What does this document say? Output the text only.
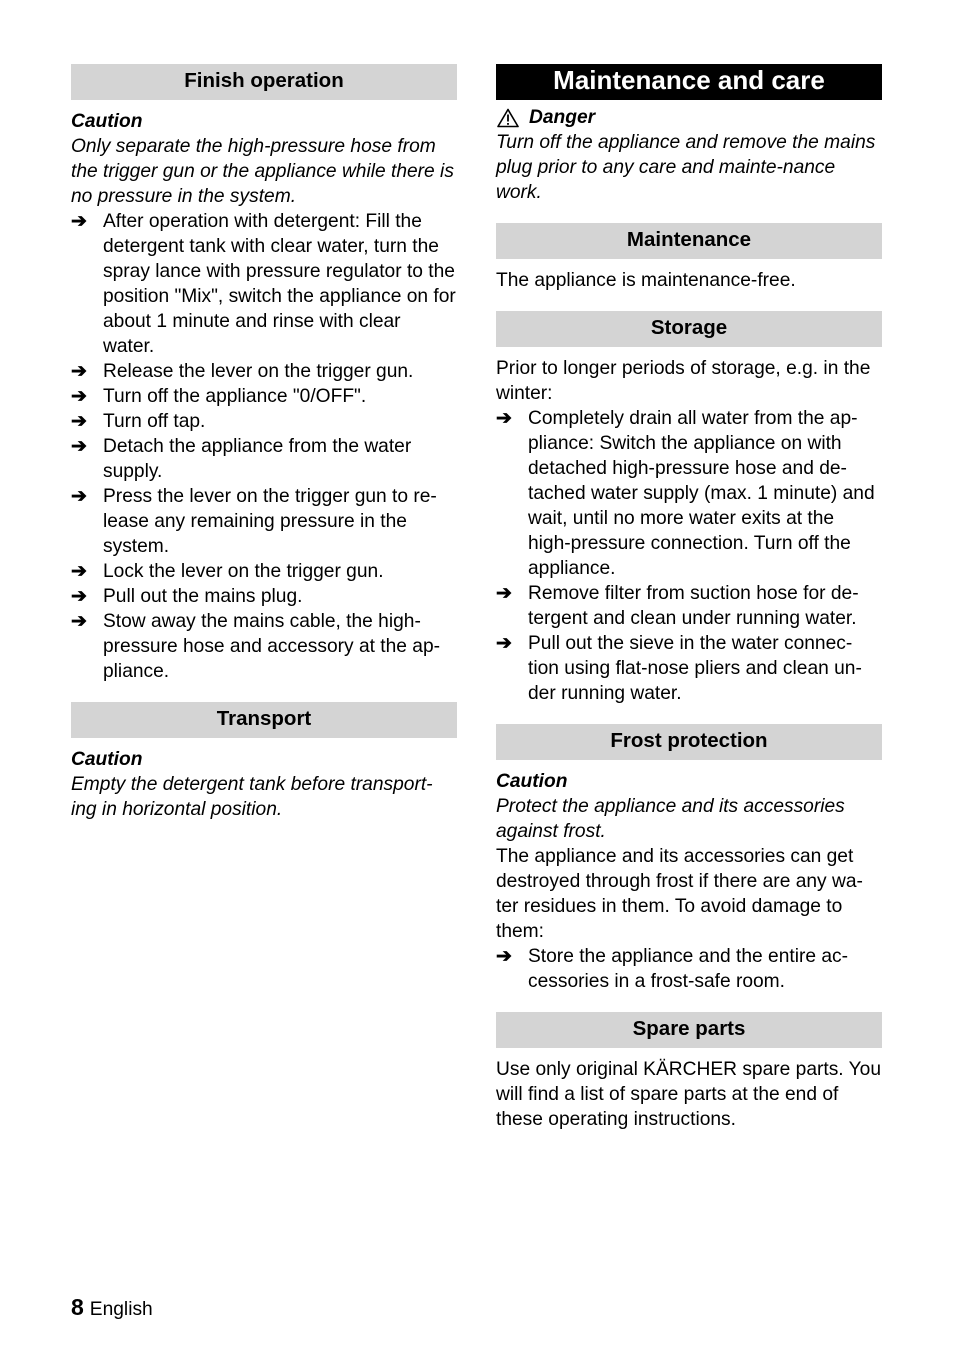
Finish operation

Caution

Only separate the high-pressure hose from the trigger gun or the appliance while there is no pressure in the system.

➔ After operation with detergent: Fill the detergent tank with clear water, turn the spray lance with pressure regulator to the position "Mix", switch the appliance on for about 1 minute and rinse with clear water.
➔ Release the lever on the trigger gun.
➔ Turn off the appliance "0/OFF".
➔ Turn off tap.
➔ Detach the appliance from the water supply.
➔ Press the lever on the trigger gun to re-lease any remaining pressure in the system.
➔ Lock the lever on the trigger gun.
➔ Pull out the mains plug.
➔ Stow away the mains cable, the high-pressure hose and accessory at the ap-pliance.
Transport

Caution

Empty the detergent tank before transport-ing in horizontal position.

Maintenance and care
Danger

Turn off the appliance and remove the mains plug prior to any care and mainte-nance work.

Maintenance

The appliance is maintenance-free.

Storage

Prior to longer periods of storage, e.g. in the winter:

➔ Completely drain all water from the ap-pliance: Switch the appliance on with detached high-pressure hose and de-tached water supply (max. 1 minute) and wait, until no more water exits at the high-pressure connection. Turn off the appliance.
➔ Remove filter from suction hose for de-tergent and clean under running water.
➔ Pull out the sieve in the water connec-tion using flat-nose pliers and clean un-der running water.
Frost protection

Caution

Protect the appliance and its accessories against frost.

The appliance and its accessories can get destroyed through frost if there are any wa-ter residues in them. To avoid damage to them:

➔ Store the appliance and the entire ac-cessories in a frost-safe room.
Spare parts

Use only original KÄRCHER spare parts. You will find a list of spare parts at the end of these operating instructions.

8 English
